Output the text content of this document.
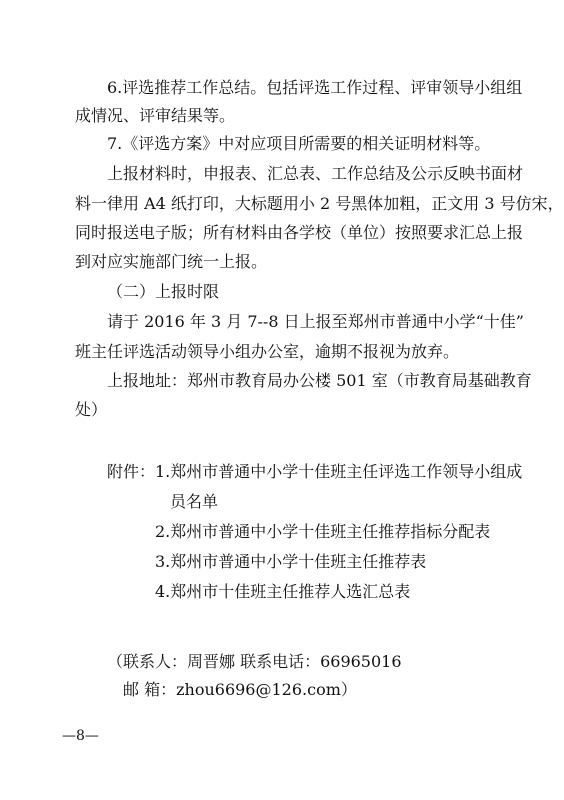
6.评选推荐工作总结。包括评选工作过程、评审领导小组组
成情况、评审结果等。
7.《评选方案》中对应项目所需要的相关证明材料等。
上报材料时，申报表、汇总表、工作总结及公示反映书面材
料一律用 A4 纸打印，大标题用小 2 号黑体加粗，正文用 3 号仿宋，
同时报送电子版；所有材料由各学校（单位）按照要求汇总上报
到对应实施部门统一上报。
（二）上报时限
请于 2016 年 3 月 7--8 日上报至郑州市普通中小学“十佳”
班主任评选活动领导小组办公室，逾期不报视为放弃。
上报地址：郑州市教育局办公楼 501 室（市教育局基础教育
处）
附件： 1.郑州市普通中小学十佳班主任评选工作领导小组成
员名单
2.郑州市普通中小学十佳班主任推荐指标分配表
3.郑州市普通中小学十佳班主任推荐表
4.郑州市十佳班主任推荐人选汇总表
（联系人：周晋娜 联系电话：66965016
邮 箱：zhou6696@126.com）
—8—
